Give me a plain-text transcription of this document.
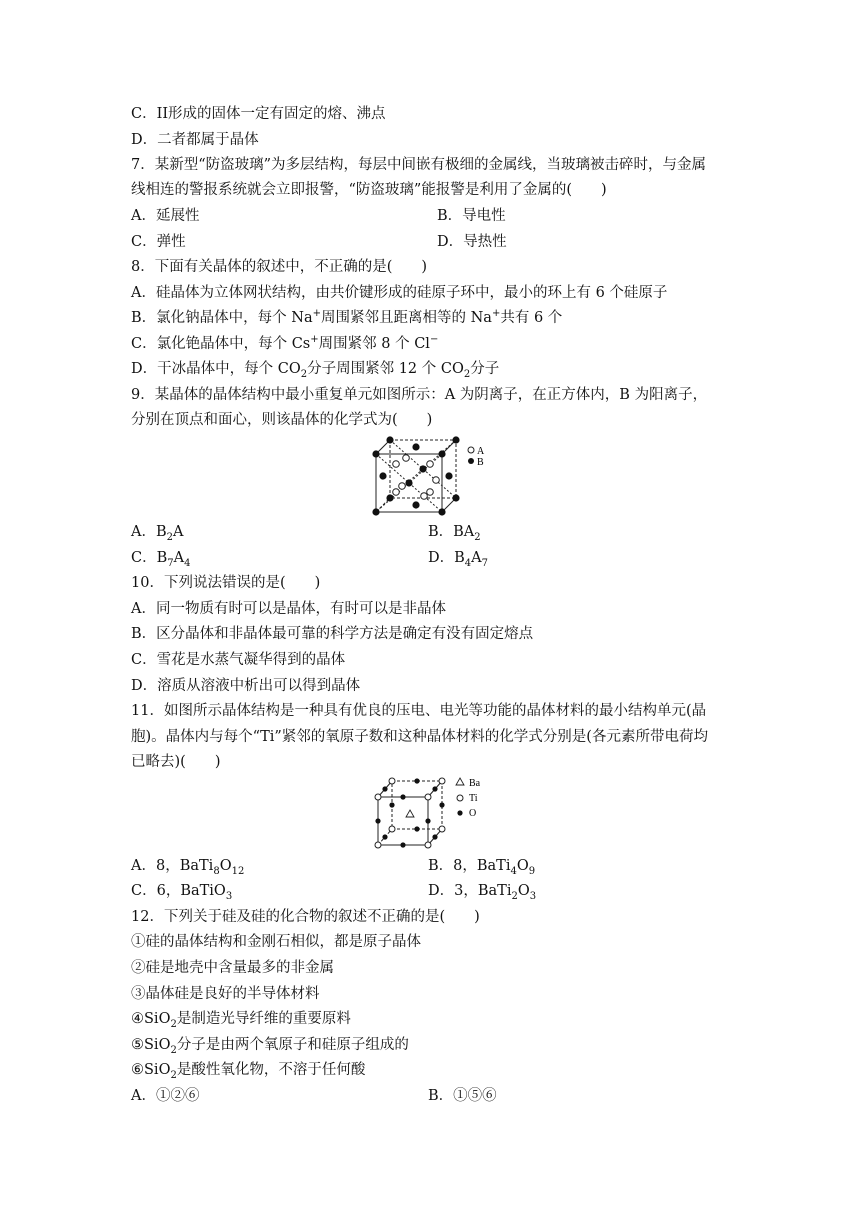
C．II形成的固体一定有固定的熔、沸点
D．二者都属于晶体
7．某新型“防盗玻璃”为多层结构，每层中间嵌有极细的金属线，当玻璃被击碎时，与金属
线相连的警报系统就会立即报警，“防盗玻璃”能报警是利用了金属的(　　)
A．延展性	B．导电性
C．弹性	D．导热性
8．下面有关晶体的叙述中，不正确的是(　　)
A．硅晶体为立体网状结构，由共价键形成的硅原子环中，最小的环上有 6 个硅原子
B．氯化钠晶体中，每个 Na+周围紧邻且距离相等的 Na+共有 6 个
C．氯化铯晶体中，每个 Cs+周围紧邻 8 个 Cl−
D．干冰晶体中，每个 $CO_2$分子周围紧邻 12 个 $CO_2$分子
9．某晶体的晶体结构中最小重复单元如图所示：A 为阴离子，在正方体内，B 为阳离子，
分别在顶点和面心，则该晶体的化学式为(　　)
A
B
A．$B_2A$	B．$BA_2$
C．$B_7A_4$	D．$B_4A_7$
10．下列说法错误的是(　　)
A．同一物质有时可以是晶体，有时可以是非晶体
B．区分晶体和非晶体最可靠的科学方法是确定有没有固定熔点
C．雪花是水蒸气凝华得到的晶体
D．溶质从溶液中析出可以得到晶体
11．如图所示晶体结构是一种具有优良的压电、电光等功能的晶体材料的最小结构单元(晶
胞)。晶体内与每个“Ti”紧邻的氧原子数和这种晶体材料的化学式分别是(各元素所带电荷均
已略去)(　　)
Ba
Ti
O
A．8，$BaTi_8O_{12}$	B．8，$BaTi_4O_9$
C．6，BaTiO$_3$	D．3，$BaTi_2O_3$
12．下列关于硅及硅的化合物的叙述不正确的是(　　)
①硅的晶体结构和金刚石相似，都是原子晶体
②硅是地壳中含量最多的非金属
③晶体硅是良好的半导体材料
④SiO$_2$是制造光导纤维的重要原料
⑤SiO$_2$分子是由两个氧原子和硅原子组成的
⑥SiO$_2$是酸性氧化物，不溶于任何酸
A．①②⑥	B．①⑤⑥
